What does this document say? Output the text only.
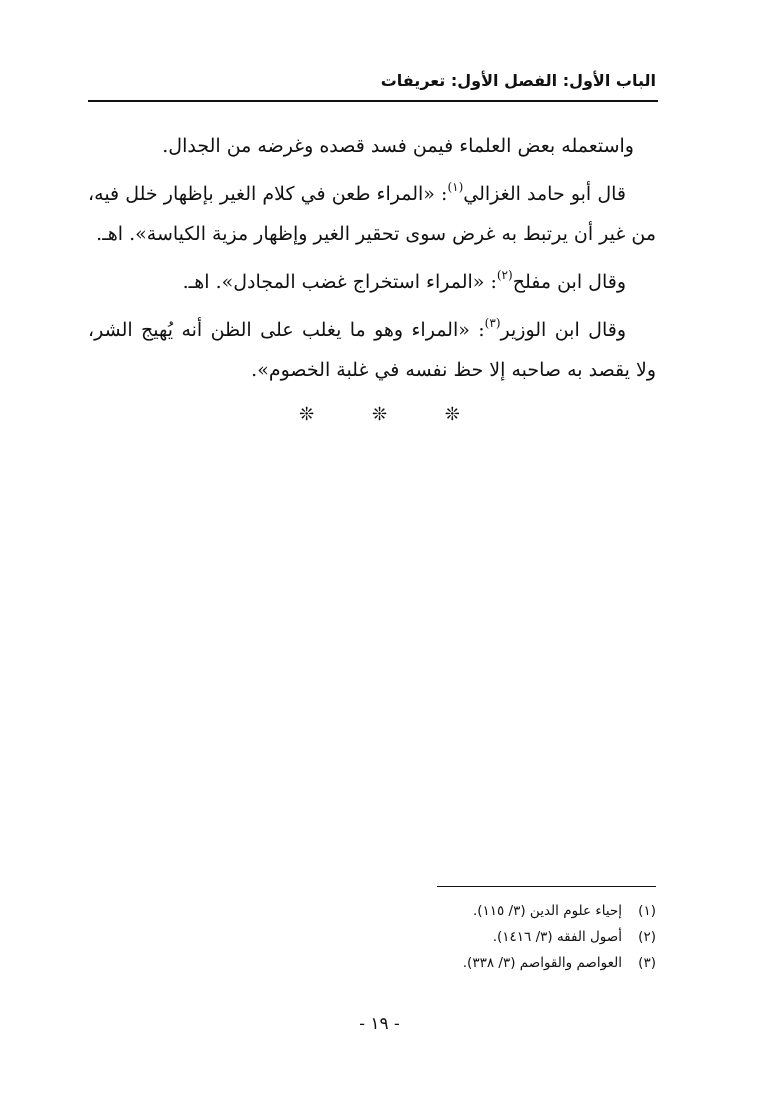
الباب الأول: الفصل الأول: تعريفات

واستعمله بعض العلماء فيمن فسد قصده وغرضه من الجدال.

قال أبو حامد الغزالي$^{(١)}$: «المراء طعن في كلام الغير بإظهار خلل فيه، من غير أن يرتبط به غرض سوى تحقير الغير وإظهار مزية الكياسة». اهـ.

وقال ابن مفلح$^{(٢)}$: «المراء استخراج غضب المجادل». اهـ.

وقال ابن الوزير$^{(٣)}$: «المراء وهو ما يغلب على الظن أنه يُهيج الشر، ولا يقصد به صاحبه إلا حظ نفسه في غلبة الخصوم».

❊ ❊ ❊
(١)إحياء علوم الدين (٣/ ١١٥).
(٢)أصول الفقه (٣/ ١٤١٦).
(٣)العواصم والقواصم (٣/ ٣٣٨).
- ١٩ -
